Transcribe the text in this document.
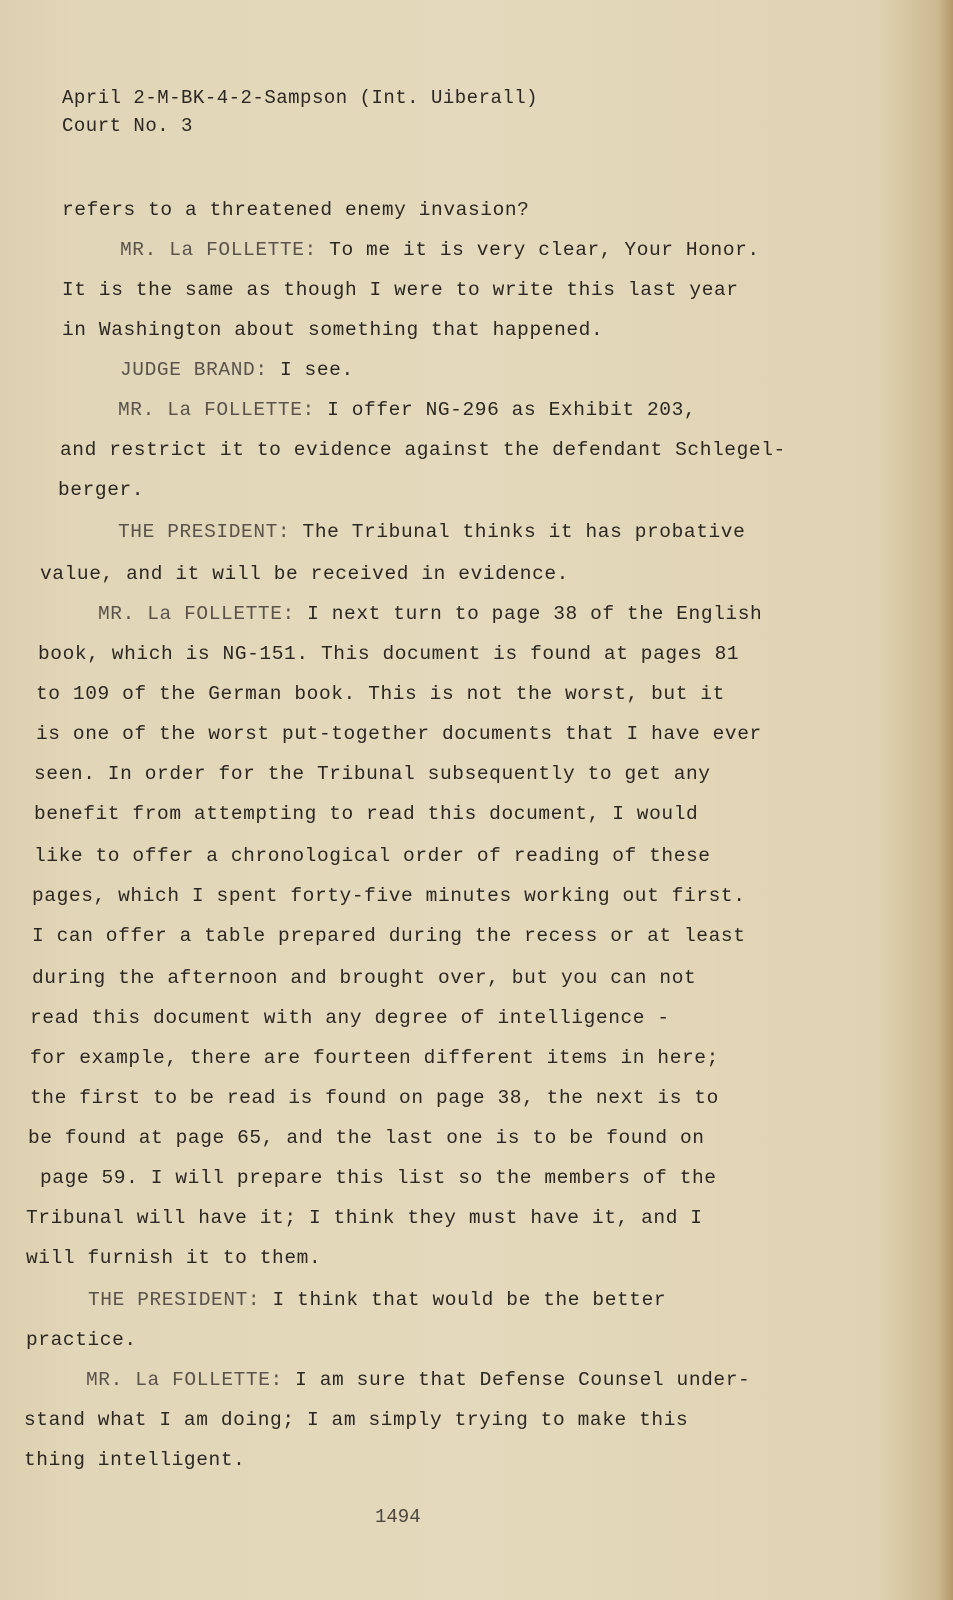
April 2-M-BK-4-2-Sampson (Int. Uiberall)
Court No. 3
refers to a threatened enemy invasion?
MR. La FOLLETTE: To me it is very clear, Your Honor.
It is the same as though I were to write this last year
in Washington about something that happened.
JUDGE BRAND: I see.
MR. La FOLLETTE: I offer NG-296 as Exhibit 203,
and restrict it to evidence against the defendant Schlegel-
berger.
THE PRESIDENT: The Tribunal thinks it has probative
value, and it will be received in evidence.
MR. La FOLLETTE: I next turn to page 38 of the English
book, which is NG-151. This document is found at pages 81
to 109 of the German book. This is not the worst, but it
is one of the worst put-together documents that I have ever
seen. In order for the Tribunal subsequently to get any
benefit from attempting to read this document, I would
like to offer a chronological order of reading of these
pages, which I spent forty-five minutes working out first.
I can offer a table prepared during the recess or at least
during the afternoon and brought over, but you can not
read this document with any degree of intelligence -
for example, there are fourteen different items in here;
the first to be read is found on page 38, the next is to
be found at page 65, and the last one is to be found on
page 59. I will prepare this list so the members of the
Tribunal will have it; I think they must have it, and I
will furnish it to them.
THE PRESIDENT: I think that would be the better
practice.
MR. La FOLLETTE: I am sure that Defense Counsel under-
stand what I am doing; I am simply trying to make this
thing intelligent.
1494
